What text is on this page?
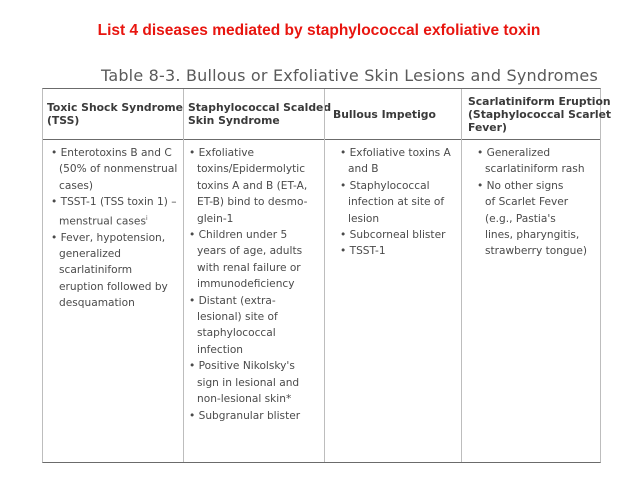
List 4 diseases mediated by staphylococcal exfoliative toxin
Table 8-3. Bullous or Exfoliative Skin Lesions and Syndromes
Toxic Shock Syndrome
(TSS)
• Enterotoxins B and C
(50% of nonmenstrual
cases)
• TSST-1 (TSS toxin 1) –
menstrual cases$^i$
• Fever, hypotension,
generalized
scarlatiniform
eruption followed by
desquamation
Staphylococcal Scalded
Skin Syndrome
• Exfoliative
toxins/Epidermolytic
toxins A and B (ET-A,
ET-B) bind to desmo-
glein-1
• Children under 5
years of age, adults
with renal failure or
immunodeficiency
• Distant (extra-
lesional) site of
staphylococcal
infection
• Positive Nikolsky's
sign in lesional and
non-lesional skin*
• Subgranular blister
Bullous Impetigo
• Exfoliative toxins A
and B
• Staphylococcal
infection at site of
lesion
• Subcorneal blister
• TSST-1
Scarlatiniform Eruption
(Staphylococcal Scarlet
Fever)
• Generalized
scarlatiniform rash
• No other signs
of Scarlet Fever
(e.g., Pastia's
lines, pharyngitis,
strawberry tongue)
